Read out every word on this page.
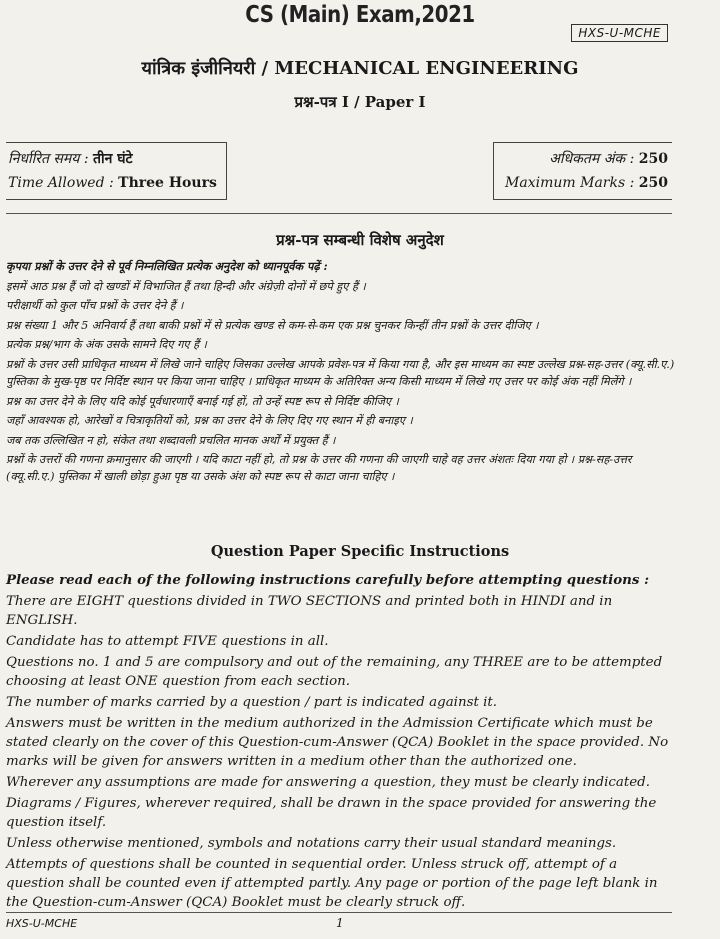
CS (Main) Exam,2021
HXS-U-MCHE
यांत्रिक इंजीनियरी / MECHANICAL ENGINEERING
प्रश्न-पत्र I / Paper I
निर्धारित समय : तीन घंटे
Time Allowed : Three Hours
अधिकतम अंक : 250
Maximum Marks : 250
प्रश्न-पत्र सम्बन्धी विशेष अनुदेश

कृपया प्रश्नों के उत्तर देने से पूर्व निम्नलिखित प्रत्येक अनुदेश को ध्यानपूर्वक पढ़ें :

इसमें आठ प्रश्न हैं जो दो खण्डों में विभाजित हैं तथा हिन्दी और अंग्रेज़ी दोनों में छपे हुए हैं ।

परीक्षार्थी को कुल पाँच प्रश्नों के उत्तर देने हैं ।

प्रश्न संख्या 1 और 5 अनिवार्य हैं तथा बाकी प्रश्नों में से प्रत्येक खण्ड से कम-से-कम एक प्रश्न चुनकर किन्हीं तीन प्रश्नों के उत्तर दीजिए ।

प्रत्येक प्रश्न/भाग के अंक उसके सामने दिए गए हैं ।

प्रश्नों के उत्तर उसी प्राधिकृत माध्यम में लिखे जाने चाहिए जिसका उल्लेख आपके प्रवेश-पत्र में किया गया है, और इस माध्यम का स्पष्ट उल्लेख प्रश्न-सह-उत्तर (क्यू.सी.ए.) पुस्तिका के मुख-पृष्ठ पर निर्दिष्ट स्थान पर किया जाना चाहिए । प्राधिकृत माध्यम के अतिरिक्त अन्य किसी माध्यम में लिखे गए उत्तर पर कोई अंक नहीं मिलेंगे ।

प्रश्न का उत्तर देने के लिए यदि कोई पूर्वधारणाएँ बनाई गई हों, तो उन्हें स्पष्ट रूप से निर्दिष्ट कीजिए ।

जहाँ आवश्यक हो, आरेखों व चित्राकृतियों को, प्रश्न का उत्तर देने के लिए दिए गए स्थान में ही बनाइए ।

जब तक उल्लिखित न हो, संकेत तथा शब्दावली प्रचलित मानक अर्थों में प्रयुक्त हैं ।

प्रश्नों के उत्तरों की गणना क्रमानुसार की जाएगी । यदि काटा नहीं हो, तो प्रश्न के उत्तर की गणना की जाएगी चाहे वह उत्तर अंशतः दिया गया हो । प्रश्न-सह-उत्तर (क्यू.सी.ए.) पुस्तिका में खाली छोड़ा हुआ पृष्ठ या उसके अंश को स्पष्ट रूप से काटा जाना चाहिए ।

Question Paper Specific Instructions

Please read each of the following instructions carefully before attempting questions :

There are EIGHT questions divided in TWO SECTIONS and printed both in HINDI and in ENGLISH.

Candidate has to attempt FIVE questions in all.

Questions no. 1 and 5 are compulsory and out of the remaining, any THREE are to be attempted choosing at least ONE question from each section.

The number of marks carried by a question / part is indicated against it.

Answers must be written in the medium authorized in the Admission Certificate which must be stated clearly on the cover of this Question-cum-Answer (QCA) Booklet in the space provided. No marks will be given for answers written in a medium other than the authorized one.

Wherever any assumptions are made for answering a question, they must be clearly indicated.

Diagrams / Figures, wherever required, shall be drawn in the space provided for answering the question itself.

Unless otherwise mentioned, symbols and notations carry their usual standard meanings.

Attempts of questions shall be counted in sequential order. Unless struck off, attempt of a question shall be counted even if attempted partly. Any page or portion of the page left blank in the Question-cum-Answer (QCA) Booklet must be clearly struck off.

HXS-U-MCHE	1
